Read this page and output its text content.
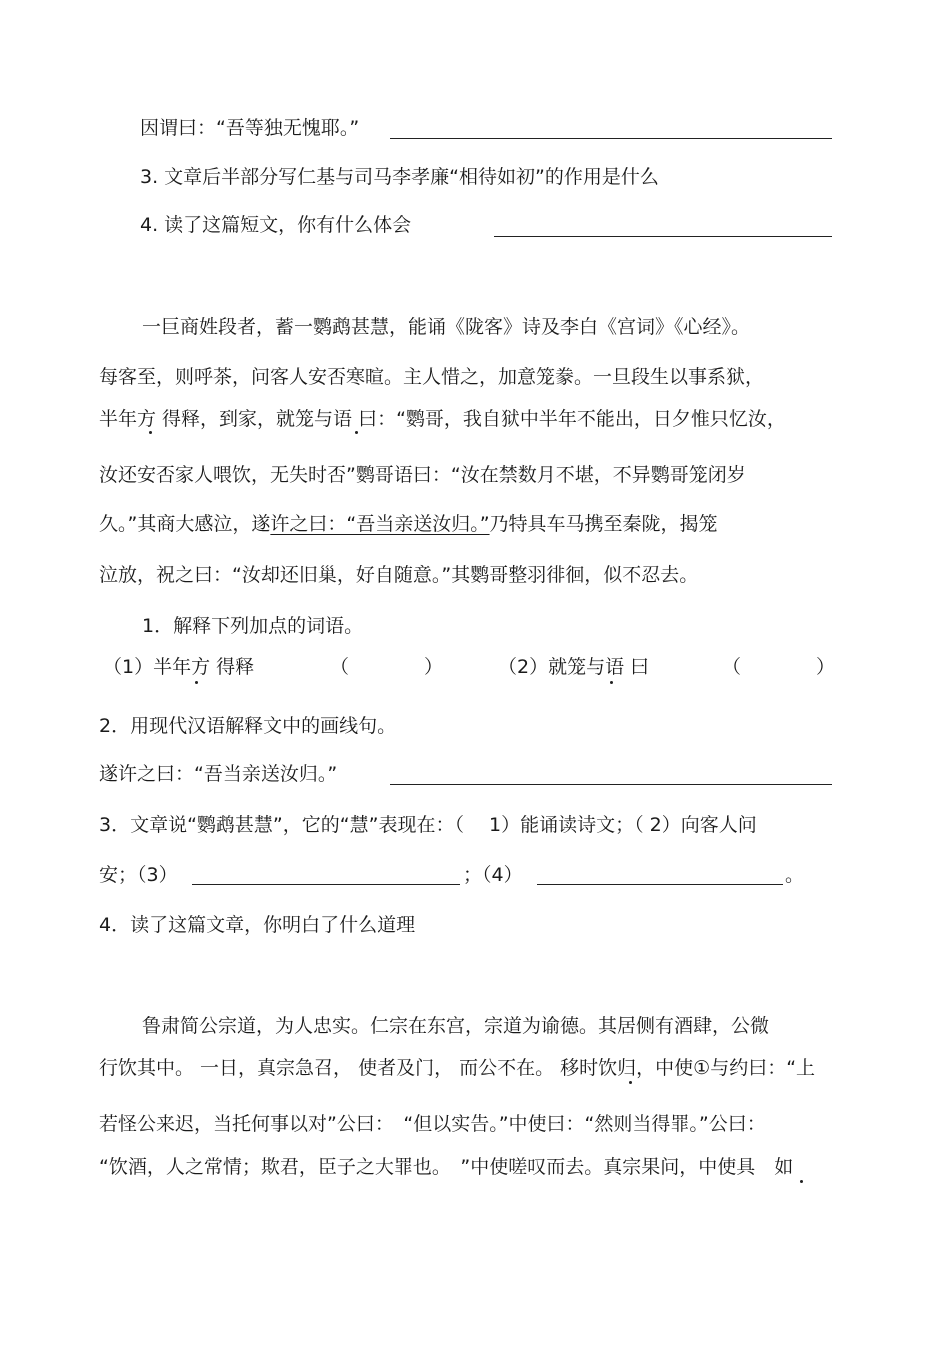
因谓曰：“吾等独无愧耶。”
3. 文章后半部分写仁基与司马李孝廉“相待如初”的作用是什么
4. 读了这篇短文，你有什么体会
一巨商姓段者，蓄一鹦鹉甚慧，能诵《陇客》诗及李白《宫词》《心经》。
每客至，则呼茶，问客人安否寒暄。主人惜之，加意笼豢。一旦段生以事系狱，
半年方 得释，到家，就笼与语 曰：“鹦哥，我自狱中半年不能出，日夕惟只忆汝，
汝还安否家人喂饮，无失时否”鹦哥语曰：“汝在禁数月不堪，不异鹦哥笼闭岁
久。”其商大感泣，遂许之曰：“吾当亲送汝归。”乃特具车马携至秦陇，揭笼
泣放，祝之曰：“汝却还旧巢，好自随意。”其鹦哥整羽徘徊，似不忍去。
1．解释下列加点的词语。
（1）半年方 得释	（	）	（2）就笼与语 曰	（	）
2．用现代汉语解释文中的画线句。
遂许之曰：“吾当亲送汝归。”
3．文章说“鹦鹉甚慧”，它的“慧”表现在：（　 1）能诵读诗文；（ 2）向客人问
安；（3）	；（4）	。
4．读了这篇文章，你明白了什么道理
鲁肃简公宗道，为人忠实。仁宗在东宫，宗道为谕德。其居侧有酒肆，公微
行饮其中。 一日，真宗急召， 使者及门， 而公不在。 移时饮归，中使①与约曰：“上
若怪公来迟，当托何事以对”公曰：　“但以实告。”中使曰：“然则当得罪。”公曰：
“饮酒，人之常情；欺君，臣子之大罪也。　”中使嗟叹而去。真宗果问，中使具　如
